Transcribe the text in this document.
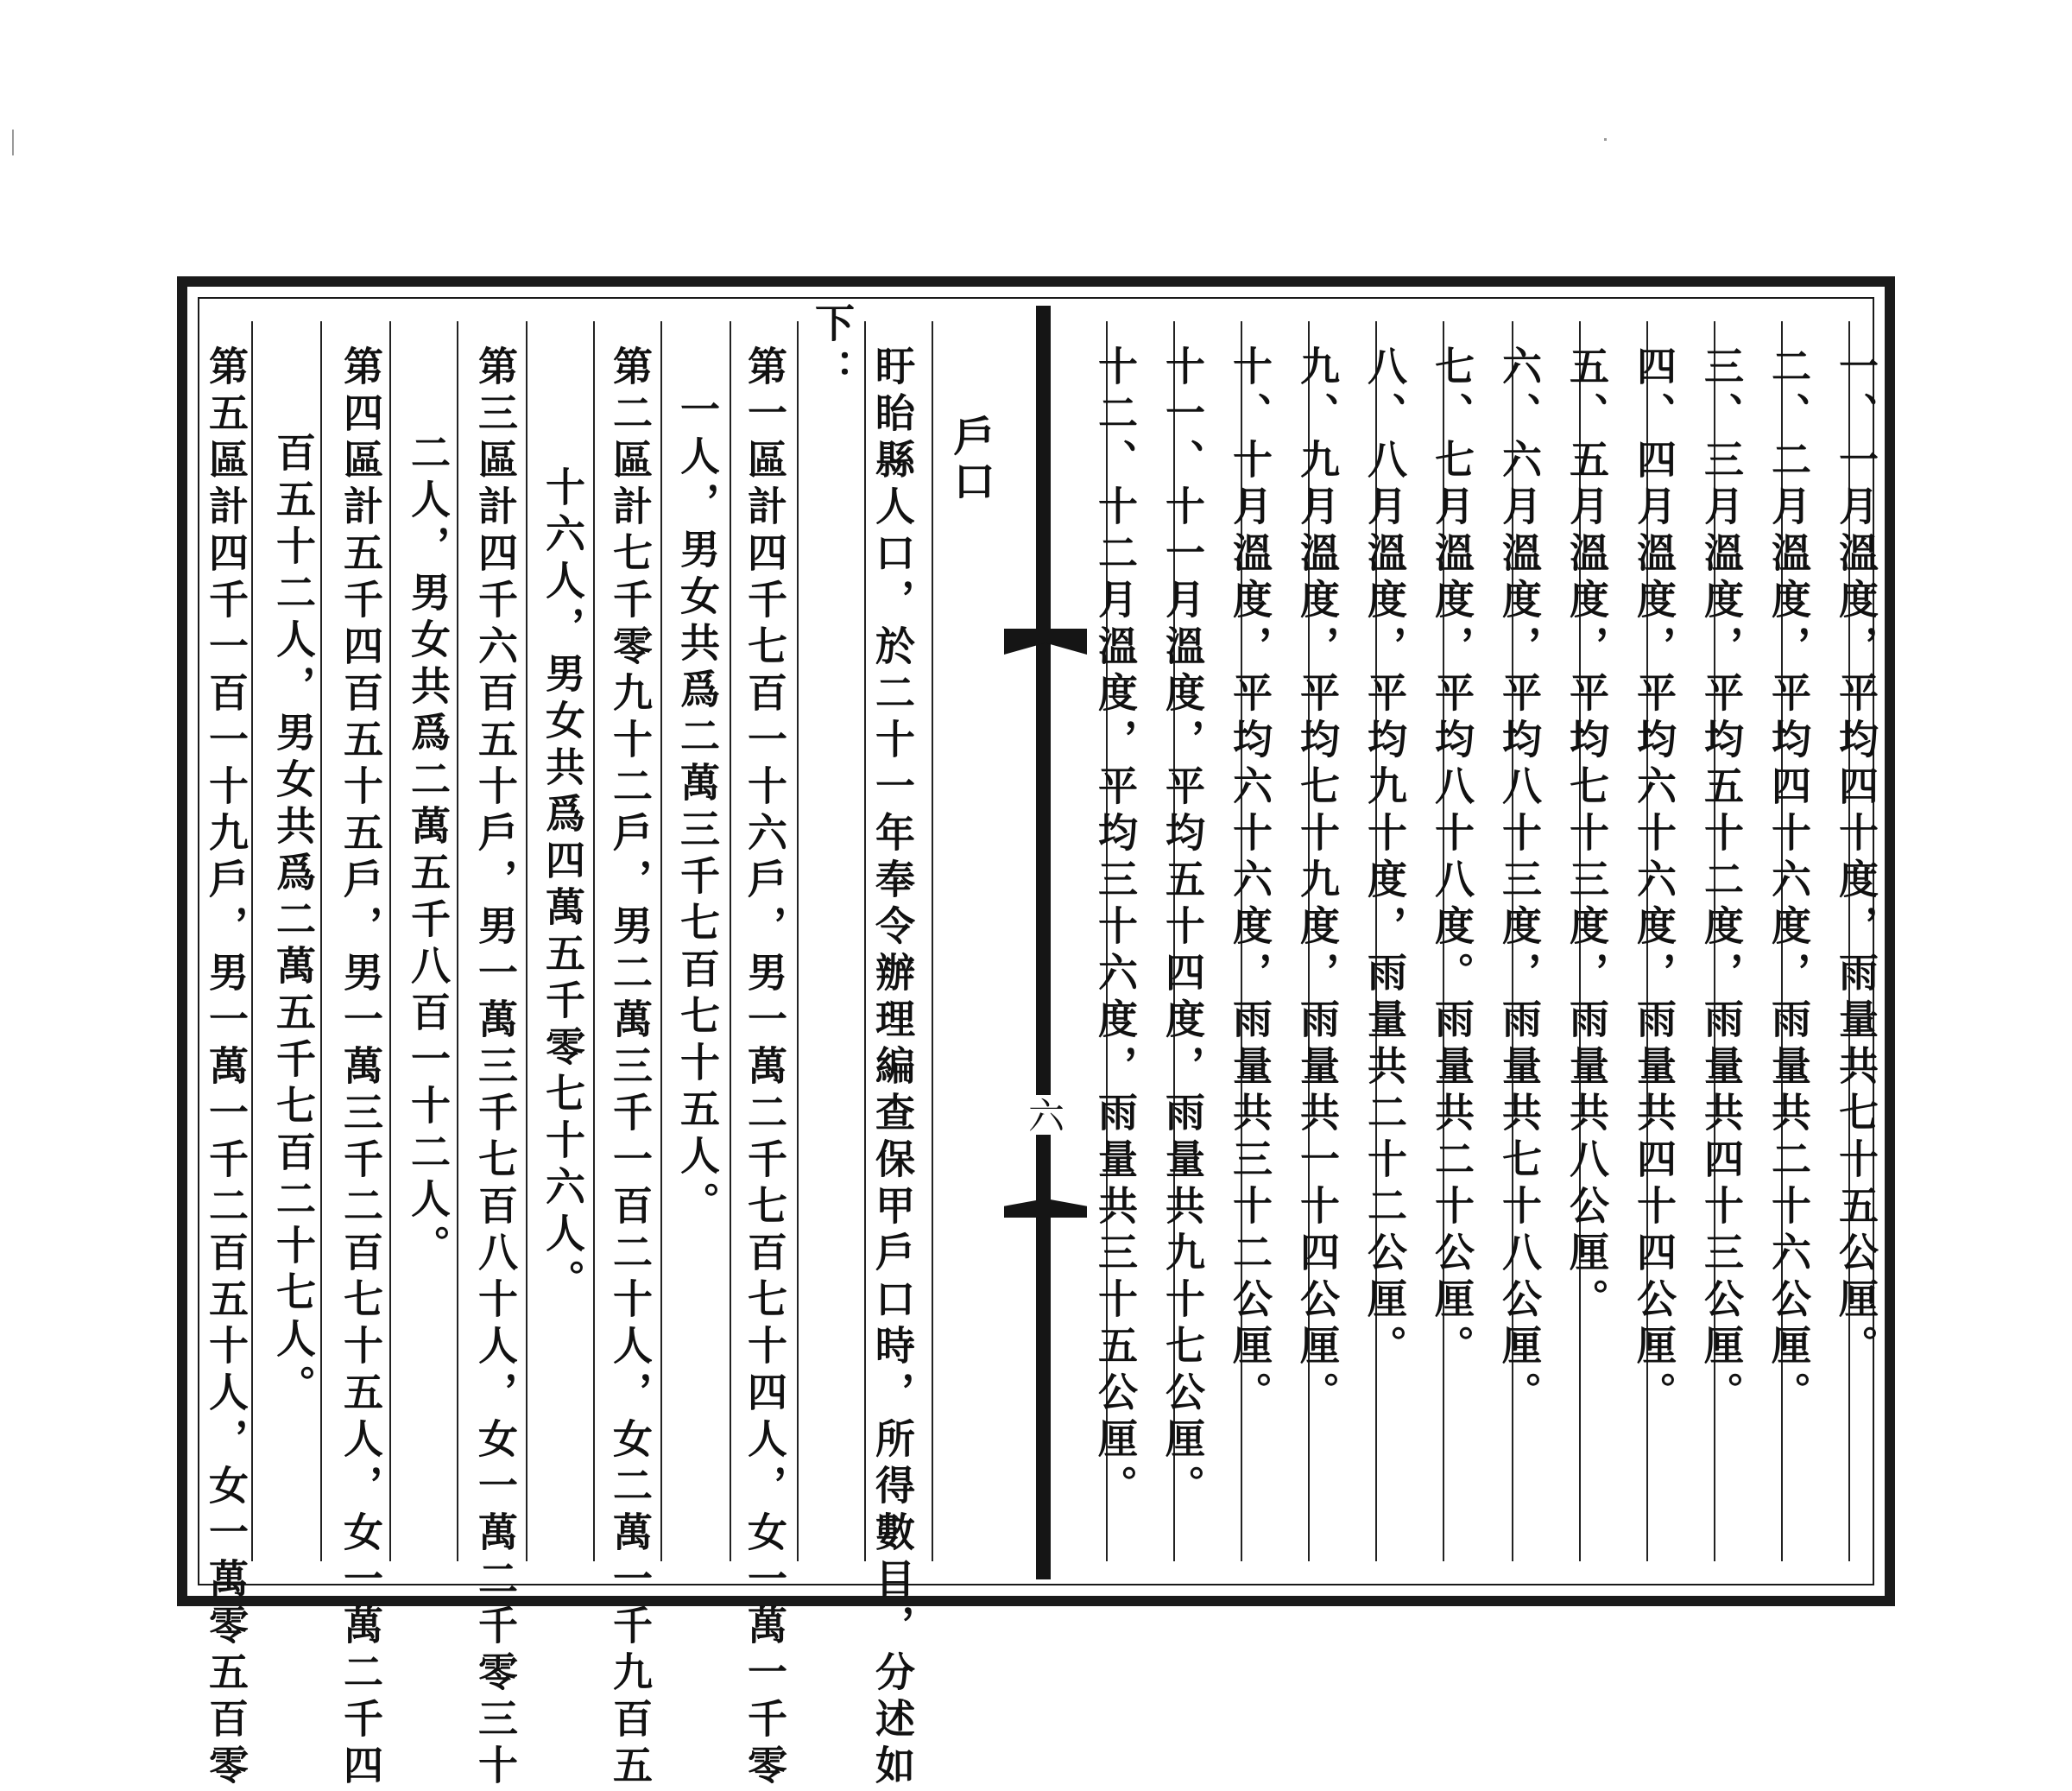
六	一、一月溫度，平均四十度，雨量共七十五公厘。
二、二月溫度，平均四十六度，雨量共二十六公厘。
三、三月溫度，平均五十二度，雨量共四十三公厘。
四、四月溫度，平均六十六度，雨量共四十四公厘。
五、五月溫度，平均七十三度，雨量共八公厘。
六、六月溫度，平均八十三度，雨量共七十八公厘。
七、七月溫度，平均八十八度。雨量共二十公厘。
八、八月溫度，平均九十度，雨量共二十二公厘。
九、九月溫度，平均七十九度，雨量共一十四公厘。
十、十月溫度，平均六十六度，雨量共三十二公厘。
十一、十一月溫度，平均五十四度，雨量共九十七公厘。
十二、十二月溫度，平均三十六度，雨量共三十五公厘。
戶口
盱眙縣人口，於二十一年奉令辦理編查保甲戶口時，所得數目，分述如
下：
第一區計四千七百一十六戶，男一萬二千七百七十四人，女一萬一千零
一人，男女共爲二萬三千七百七十五人。
第二區計七千零九十二戶，男二萬三千一百二十人，女二萬一千九百五
十六人，男女共爲四萬五千零七十六人。
第三區計四千六百五十戶，男一萬三千七百八十人，女一萬二千零三十
二人，男女共爲二萬五千八百一十二人。
第四區計五千四百五十五戶，男一萬三千二百七十五人，女一萬二千四
百五十二人，男女共爲二萬五千七百二十七人。
第五區計四千一百一十九戶，男一萬一千二百五十人，女一萬零五百零
